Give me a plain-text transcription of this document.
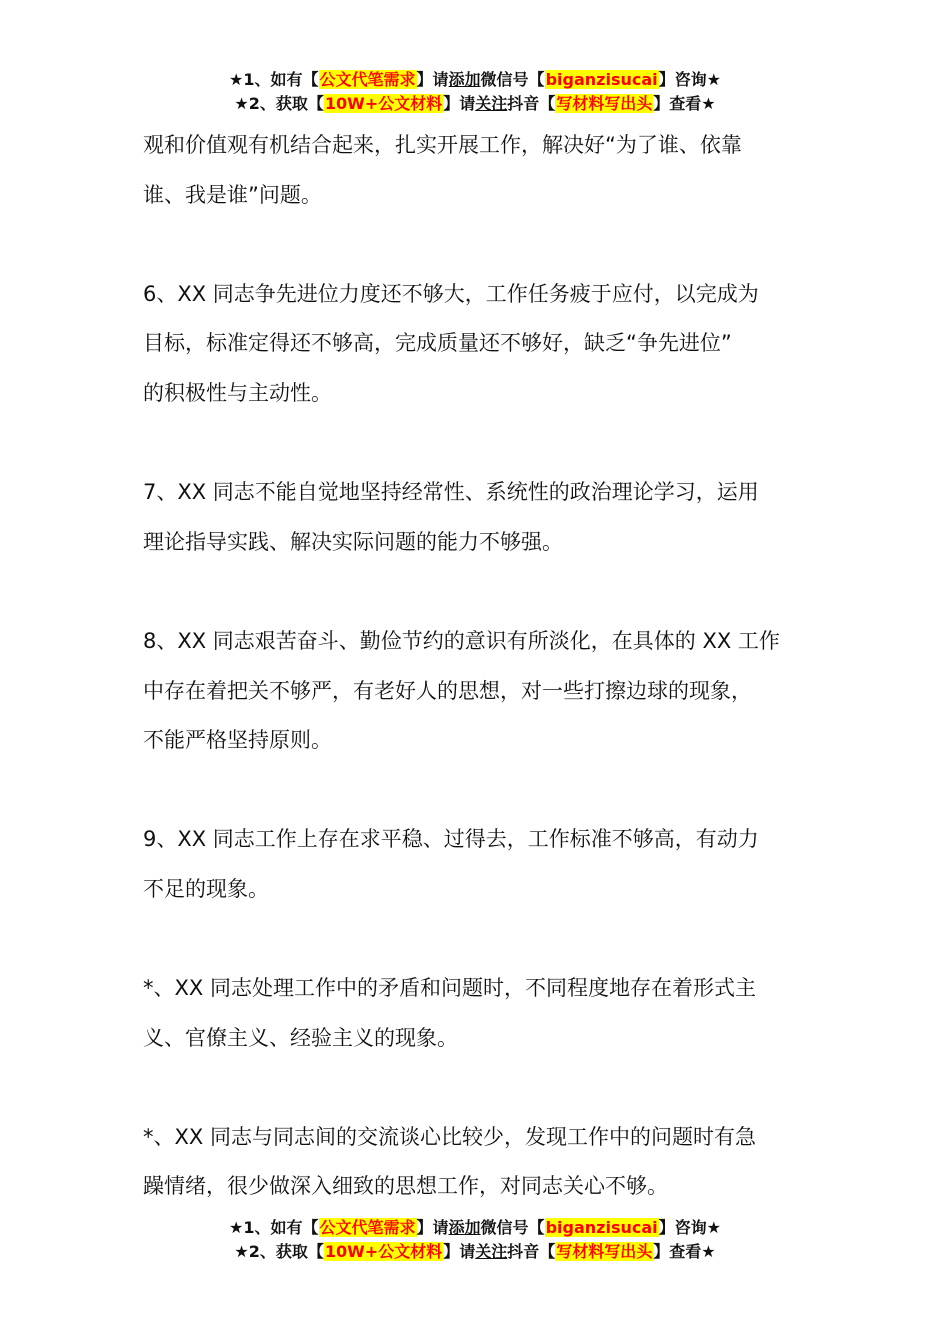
★1、如有【公文代笔需求】请添加微信号【biganzisucai】咨询★
★2、获取【10W+公文材料】请关注抖音【写材料写出头】查看★

观和价值观有机结合起来，扎实开展工作，解决好“为了谁、依靠

谁、我是谁”问题。

6、XX 同志争先进位力度还不够大，工作任务疲于应付，以完成为

目标，标准定得还不够高，完成质量还不够好，缺乏“争先进位”

的积极性与主动性。

7、XX 同志不能自觉地坚持经常性、系统性的政治理论学习，运用

理论指导实践、解决实际问题的能力不够强。

8、XX 同志艰苦奋斗、勤俭节约的意识有所淡化，在具体的 XX 工作

中存在着把关不够严，有老好人的思想，对一些打擦边球的现象，

不能严格坚持原则。

9、XX 同志工作上存在求平稳、过得去，工作标准不够高，有动力

不足的现象。

*、XX 同志处理工作中的矛盾和问题时，不同程度地存在着形式主

义、官僚主义、经验主义的现象。

*、XX 同志与同志间的交流谈心比较少，发现工作中的问题时有急

躁情绪，很少做深入细致的思想工作，对同志关心不够。

★1、如有【公文代笔需求】请添加微信号【biganzisucai】咨询★
★2、获取【10W+公文材料】请关注抖音【写材料写出头】查看★
